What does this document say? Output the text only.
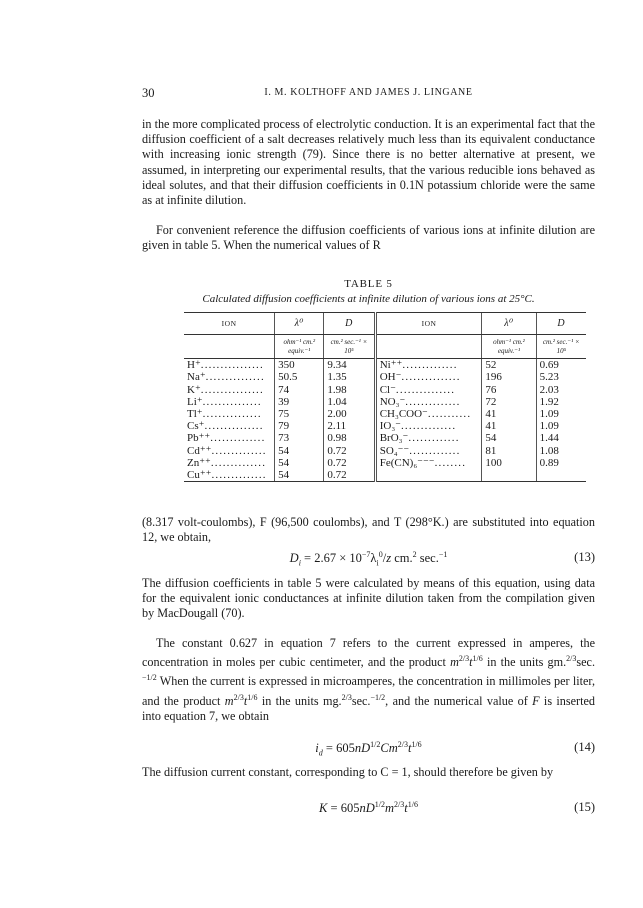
30	I. M. KOLTHOFF AND JAMES J. LINGANE
in the more complicated process of electrolytic conduction. It is an experimental fact that the diffusion coefficient of a salt decreases relatively much less than its equivalent conductance with increasing ionic strength (79). Since there is no better alternative at present, we assumed, in interpreting our experimental results, that the various reducible ions behaved as ideal solutes, and that their diffusion coefficients in 0.1N potassium chloride were the same as at infinite dilution.
For convenient reference the diffusion coefficients of various ions at infinite dilution are given in table 5. When the numerical values of R
TABLE 5
Calculated diffusion coefficients at infinite dilution of various ions at 25°C.
ION	λ⁰	D	ION	λ⁰	D
	ohm⁻¹ cm.² equiv.⁻¹	cm.² sec.⁻¹ × 10⁵		ohm⁻¹ cm.² equiv.⁻¹	cm.² sec.⁻¹ × 10⁵
H⁺................	350	9.34	Ni⁺⁺..............	52	0.69
Na⁺...............	50.5	1.35	OH⁻...............	196	5.23
K⁺................	74	1.98	Cl⁻...............	76	2.03
Li⁺...............	39	1.04	NO₃⁻..............	72	1.92
Tl⁺...............	75	2.00	CH₃COO⁻...........	41	1.09
Cs⁺...............	79	2.11	IO₃⁻..............	41	1.09
Pb⁺⁺..............	73	0.98	BrO₃⁻.............	54	1.44
Cd⁺⁺..............	54	0.72	SO₄⁻⁻.............	81	1.08
Zn⁺⁺..............	54	0.72	Fe(CN)₆⁻⁻⁻........	100	0.89
Cu⁺⁺..............	54	0.72			
(8.317 volt-coulombs), F (96,500 coulombs), and T (298°K.) are substituted into equation 12, we obtain,
$D_i = 2.67 \times 10^{-7}\lambda_i^0/z$ cm.$^2$ sec.$^{-1}$	(13)
The diffusion coefficients in table 5 were calculated by means of this equation, using data for the equivalent ionic conductances at infinite dilution taken from the compilation given by MacDougall (70).
The constant 0.627 in equation 7 refers to the current expressed in amperes, the concentration in moles per cubic centimeter, and the product $m^{2/3}t^{1/6}$ in the units gm.$^{2/3}$sec.$^{-1/2}$ When the current is expressed in microamperes, the concentration in millimoles per liter, and the product $m^{2/3}t^{1/6}$ in the units mg.$^{2/3}$sec.$^{-1/2}$, and the numerical value of F is inserted into equation 7, we obtain
$i_d = 605nD^{1/2}Cm^{2/3}t^{1/6}$	(14)
The diffusion current constant, corresponding to C = 1, should therefore be given by
$K = 605nD^{1/2}m^{2/3}t^{1/6}$	(15)
